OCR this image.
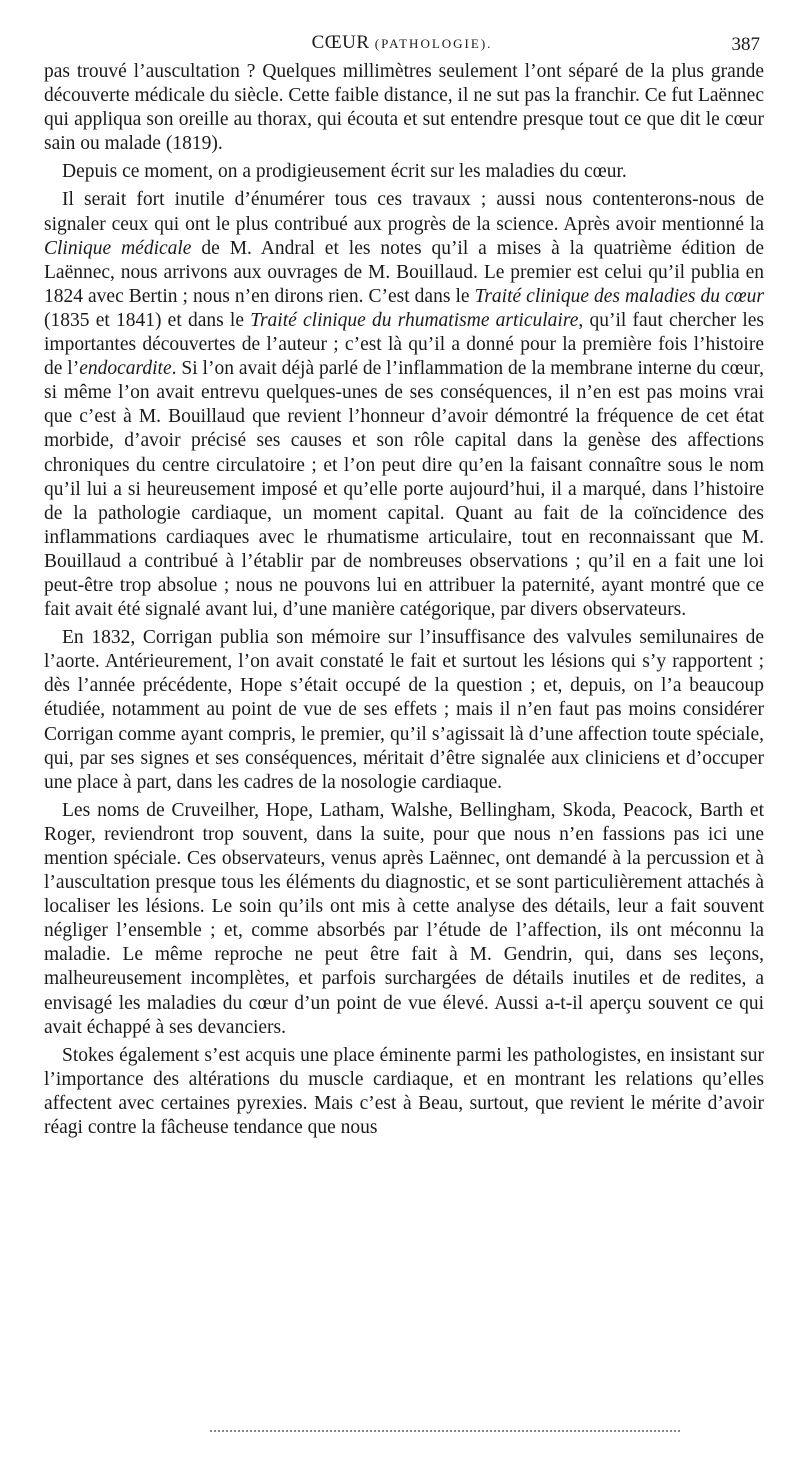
CŒUR (PATHOLOGIE).	387

pas trouvé l’auscultation ? Quelques millimètres seulement l’ont séparé de la plus grande découverte médicale du siècle. Cette faible distance, il ne sut pas la franchir. Ce fut Laënnec qui appliqua son oreille au thorax, qui écouta et sut entendre presque tout ce que dit le cœur sain ou malade (1819).

Depuis ce moment, on a prodigieusement écrit sur les maladies du cœur.

Il serait fort inutile d’énumérer tous ces travaux ; aussi nous contenterons-nous de signaler ceux qui ont le plus contribué aux progrès de la science. Après avoir mentionné la Clinique médicale de M. Andral et les notes qu’il a mises à la quatrième édition de Laënnec, nous arrivons aux ouvrages de M. Bouillaud. Le premier est celui qu’il publia en 1824 avec Bertin ; nous n’en dirons rien. C’est dans le Traité clinique des maladies du cœur (1835 et 1841) et dans le Traité clinique du rhumatisme articulaire, qu’il faut chercher les importantes découvertes de l’auteur ; c’est là qu’il a donné pour la première fois l’histoire de l’endocardite. Si l’on avait déjà parlé de l’inflammation de la membrane interne du cœur, si même l’on avait entrevu quelques-unes de ses conséquences, il n’en est pas moins vrai que c’est à M. Bouillaud que revient l’honneur d’avoir démontré la fréquence de cet état morbide, d’avoir précisé ses causes et son rôle capital dans la genèse des affections chroniques du centre circulatoire ; et l’on peut dire qu’en la faisant connaître sous le nom qu’il lui a si heureusement imposé et qu’elle porte aujourd’hui, il a marqué, dans l’histoire de la pathologie cardiaque, un moment capital. Quant au fait de la coïncidence des inflammations cardiaques avec le rhumatisme articulaire, tout en reconnaissant que M. Bouillaud a contribué à l’établir par de nombreuses observations ; qu’il en a fait une loi peut-être trop absolue ; nous ne pouvons lui en attribuer la paternité, ayant montré que ce fait avait été signalé avant lui, d’une manière catégorique, par divers observateurs.

En 1832, Corrigan publia son mémoire sur l’insuffisance des valvules semilunaires de l’aorte. Antérieurement, l’on avait constaté le fait et surtout les lésions qui s’y rapportent ; dès l’année précédente, Hope s’était occupé de la question ; et, depuis, on l’a beaucoup étudiée, notamment au point de vue de ses effets ; mais il n’en faut pas moins considérer Corrigan comme ayant compris, le premier, qu’il s’agissait là d’une affection toute spéciale, qui, par ses signes et ses conséquences, méritait d’être signalée aux cliniciens et d’occuper une place à part, dans les cadres de la nosologie cardiaque.

Les noms de Cruveilher, Hope, Latham, Walshe, Bellingham, Skoda, Peacock, Barth et Roger, reviendront trop souvent, dans la suite, pour que nous n’en fassions pas ici une mention spéciale. Ces observateurs, venus après Laënnec, ont demandé à la percussion et à l’auscultation presque tous les éléments du diagnostic, et se sont particulièrement attachés à localiser les lésions. Le soin qu’ils ont mis à cette analyse des détails, leur a fait souvent négliger l’ensemble ; et, comme absorbés par l’étude de l’affection, ils ont méconnu la maladie. Le même reproche ne peut être fait à M. Gendrin, qui, dans ses leçons, malheureusement incomplètes, et parfois surchargées de détails inutiles et de redites, a envisagé les maladies du cœur d’un point de vue élevé. Aussi a-t-il aperçu souvent ce qui avait échappé à ses devanciers.

Stokes également s’est acquis une place éminente parmi les pathologistes, en insistant sur l’importance des altérations du muscle cardiaque, et en montrant les relations qu’elles affectent avec certaines pyrexies. Mais c’est à Beau, surtout, que revient le mérite d’avoir réagi contre la fâcheuse tendance que nous
